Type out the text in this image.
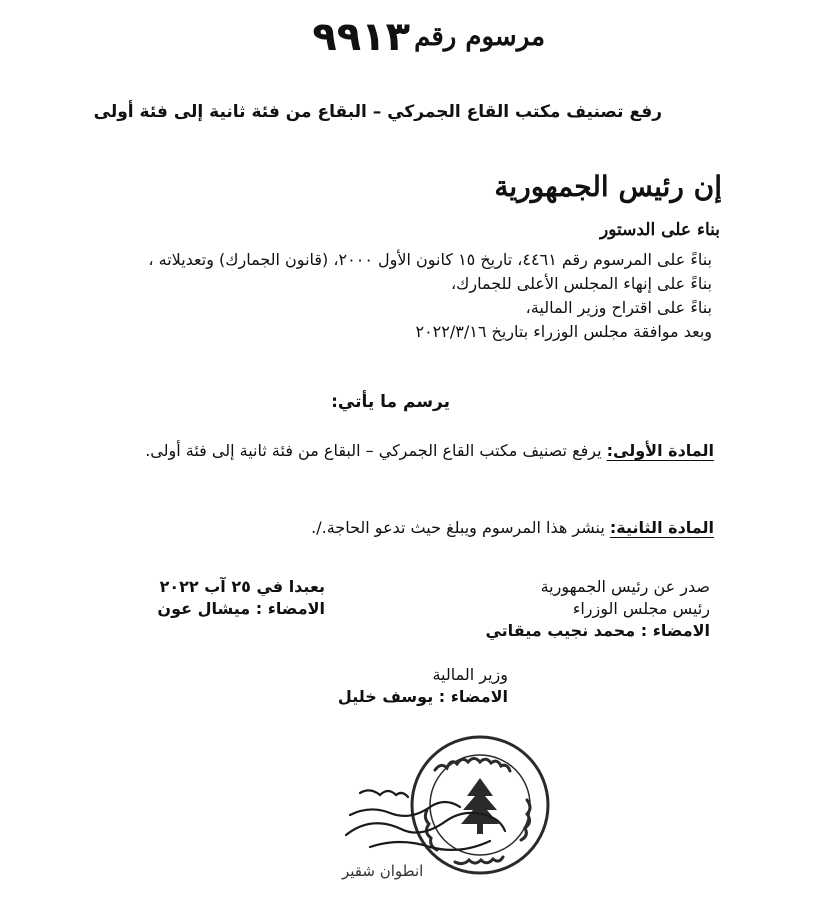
٩٩١٣ مرسوم رقم
رفع تصنيف مكتب القاع الجمركي – البقاع من فئة ثانية إلى فئة أولى
إن رئيس الجمهورية
بناء على الدستور
بناءً على المرسوم رقم ٤٤٦١، تاريخ ١٥ كانون الأول ٢٠٠٠، (قانون الجمارك) وتعديلاته ،
بناءً على إنهاء المجلس الأعلى للجمارك،
بناءً على اقتراح وزير المالية،
وبعد موافقة مجلس الوزراء بتاريخ ٢٠٢٢/٣/١٦
يرسم ما يأتي:
المادة الأولى: يرفع تصنيف مكتب القاع الجمركي – البقاع من فئة ثانية إلى فئة أولى.
المادة الثانية: ينشر هذا المرسوم ويبلغ حيث تدعو الحاجة./.
صدر عن رئيس الجمهورية
رئيس مجلس الوزراء
الامضاء : محمد نجيب ميقاتي
بعبدا في ٢٥ آب ٢٠٢٢
الامضاء : ميشال عون
وزير المالية
الامضاء : يوسف خليل
انطوان شقير
